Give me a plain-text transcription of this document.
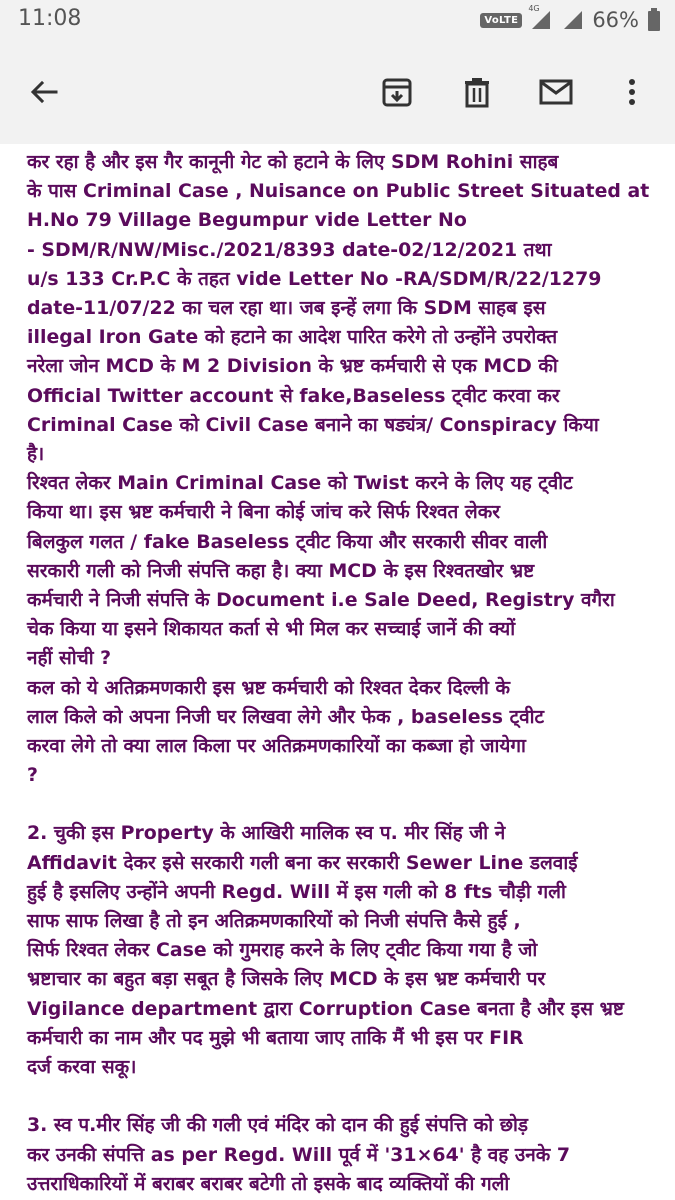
11:08	VoLTE
4G	66%

कर रहा है और इस गैर कानूनी गेट को हटाने के लिए SDM Rohini साहब
के पास Criminal Case , Nuisance on Public Street Situated at
H.No 79 Village Begumpur vide Letter No
- SDM/R/NW/Misc./2021/8393 date-02/12/2021 तथा
u/s 133 Cr.P.C के तहत vide Letter No -RA/SDM/R/22/1279
date-11/07/22 का चल रहा था। जब इन्हें लगा कि SDM साहब इस
illegal Iron Gate को हटाने का आदेश पारित करेगे तो उन्होंने उपरोक्त
नरेला जोन MCD के M 2 Division के भ्रष्ट कर्मचारी से एक MCD की
Official Twitter account से fake,Baseless ट्वीट करवा कर
Criminal Case को Civil Case बनाने का षड्यंत्र/ Conspiracy किया
है।
रिश्वत लेकर Main Criminal Case को Twist करने के लिए यह ट्वीट
किया था। इस भ्रष्ट कर्मचारी ने बिना कोई जांच करे सिर्फ रिश्वत लेकर
बिलकुल गलत / fake Baseless ट्वीट किया और सरकारी सीवर वाली
सरकारी गली को निजी संपत्ति कहा है। क्या MCD के इस रिश्वतखोर भ्रष्ट
कर्मचारी ने निजी संपत्ति के Document i.e Sale Deed, Registry वगैरा
चेक किया या इसने शिकायत कर्ता से भी मिल कर सच्चाई जानें की क्यों
नहीं सोची ?
कल को ये अतिक्रमणकारी इस भ्रष्ट कर्मचारी को रिश्वत देकर दिल्ली के
लाल किले को अपना निजी घर लिखवा लेगे और फेक , baseless ट्वीट
करवा लेगे तो क्या लाल किला पर अतिक्रमणकारियों का कब्जा हो जायेगा
?

2. चुकी इस Property के आखिरी मालिक स्व प. मीर सिंह जी ने
Affidavit देकर इसे सरकारी गली बना कर सरकारी Sewer Line डलवाई
हुई है इसलिए उन्होंने अपनी Regd. Will में इस गली को 8 fts चौड़ी गली
साफ साफ लिखा है तो इन अतिक्रमणकारियों को निजी संपत्ति कैसे हुई ,
सिर्फ रिश्वत लेकर Case को गुमराह करने के लिए ट्वीट किया गया है जो
भ्रष्टाचार का बहुत बड़ा सबूत है जिसके लिए MCD के इस भ्रष्ट कर्मचारी पर
Vigilance department द्वारा Corruption Case बनता है और इस भ्रष्ट
कर्मचारी का नाम और पद मुझे भी बताया जाए ताकि मैं भी इस पर FIR
दर्ज करवा सकू।

3. स्व प.मीर सिंह जी की गली एवं मंदिर को दान की हुई संपत्ति को छोड़
कर उनकी संपत्ति as per Regd. Will पूर्व में '31×64' है वह उनके 7
उत्तराधिकारियों में बराबर बराबर बटेगी तो इसके बाद व्यक्तियों की गली
